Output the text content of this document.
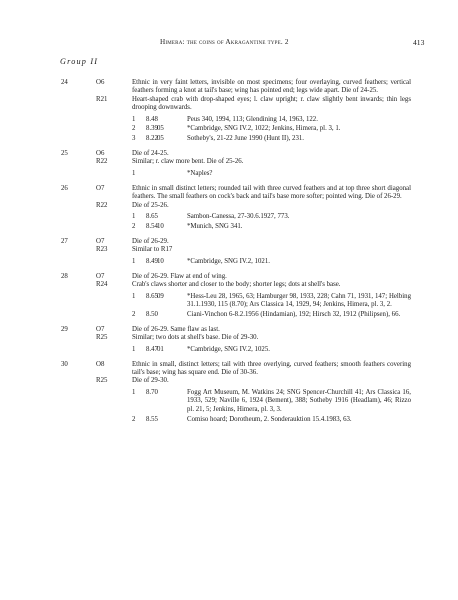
Himera: the coins of Akragantine type. 2	413
Group II
24	O6	Ethnic in very faint letters, invisible on most specimens; four overlaying, curved feathers; vertical feathers forming a knot at tail's base; wing has pointed end; legs wide apart. Die of 24-25.
R21	Heart-shaped crab with drop-shaped eyes; l. claw upright; r. claw slightly bent inwards; thin legs drooping downwards.
1 8.48	Peus 340, 1994, 113; Glendining 14, 1963, 122.
2 8.39 05	*Cambridge, SNG IV.2, 1022; Jenkins, Himera, pl. 3, 1.
3 8.22 05	Sotheby's, 21-22 June 1990 (Hunt II), 231.
25	O6	Die of 24-25.
R22	Similar; r. claw more bent. Die of 25-26.
1	*Naples?
26	O7	Ethnic in small distinct letters; rounded tail with three curved feathers and at top three short diagonal feathers. The small feathers on cock's back and tail's base more softer; pointed wing. Die of 26-29.
R22	Die of 25-26.
1 8.65	Sambon-Canessa, 27-30.6.1927, 773.
2 8.54 10	*Munich, SNG 341.
27	O7	Die of 26-29.
R23	Similar to R17
1 8.49 10	*Cambridge, SNG IV.2, 1021.
28	O7	Die of 26-29. Flaw at end of wing.
R24	Crab's claws shorter and closer to the body; shorter legs; dots at shell's base.
1 8.65 09	*Hess-Leu 28, 1965, 63; Hamburger 98, 1933, 228; Cahn 71, 1931, 147; Helbing 31.1.1930, 115 (8.70); Ars Classica 14, 1929, 94; Jenkins, Himera, pl. 3, 2.
2 8.50	Ciani-Vinchon 6-8.2.1956 (Hindamian), 192; Hirsch 32, 1912 (Philipsen), 66.
29	O7	Die of 26-29. Same flaw as last.
R25	Similar; two dots at shell's base. Die of 29-30.
1 8.47 01	*Cambridge, SNG IV.2, 1025.
30	O8	Ethnic in small, distinct letters; tail with three overlying, curved feathers; smooth feathers covering tail's base; wing has square end. Die of 30-36.
R25	Die of 29-30.
1 8.70	Fogg Art Museum, M. Watkins 24; SNG Spencer-Churchill 41; Ars Classica 16, 1933, 529; Naville 6, 1924 (Bement), 388; Sotheby 1916 (Headlam), 46; Rizzo pl. 21, 5; Jenkins, Himera, pl. 3, 3.
2 8.55	Comiso hoard; Dorotheum, 2. Sonderauktion 15.4.1983, 63.
